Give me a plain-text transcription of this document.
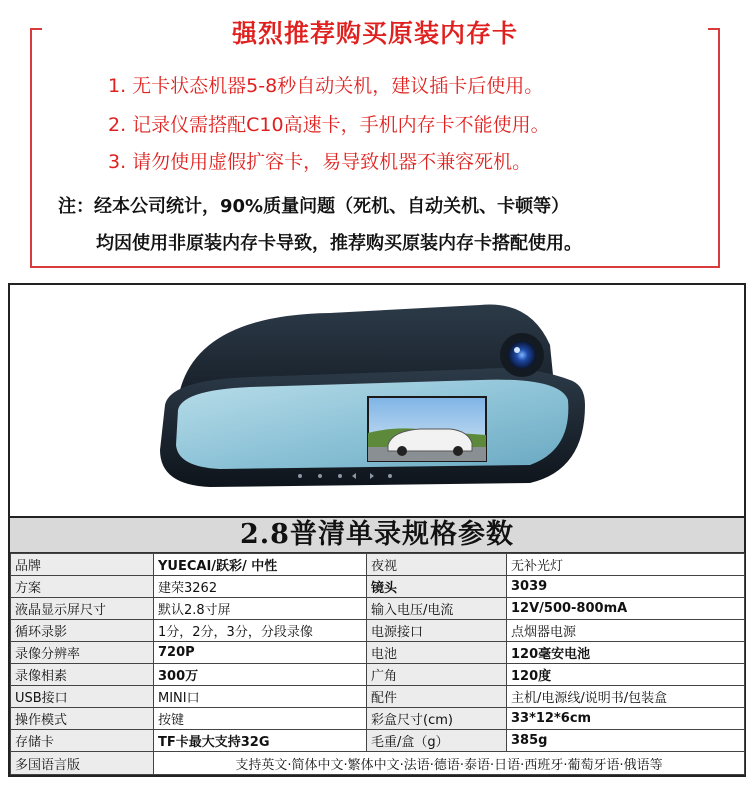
强烈推荐购买原装内存卡
1. 无卡状态机器5-8秒自动关机，建议插卡后使用。
2. 记录仪需搭配C10高速卡，手机内存卡不能使用。
3. 请勿使用虚假扩容卡，易导致机器不兼容死机。
注：经本公司统计，90%质量问题（死机、自动关机、卡顿等）
均因使用非原装内存卡导致，推荐购买原装内存卡搭配使用。
2.8普清单录规格参数
品牌	YUECAI/跃彩/ 中性	夜视	无补光灯
方案	建荣3262	镜头	3039
液晶显示屏尺寸	默认2.8寸屏	输入电压/电流	12V/500-800mA
循环录影	1分，2分，3分，分段录像	电源接口	点烟器电源
录像分辨率	720P	电池	120毫安电池
录像相素	300万	广角	120度
USB接口	MINI口	配件	主机/电源线/说明书/包装盒
操作模式	按键	彩盒尺寸(cm)	33*12*6cm
存储卡	TF卡最大支持32G	毛重/盒（g）	385g
多国语言版	支持英文·简体中文·繁体中文·法语·德语·泰语·日语·西班牙·葡萄牙语·俄语等		
